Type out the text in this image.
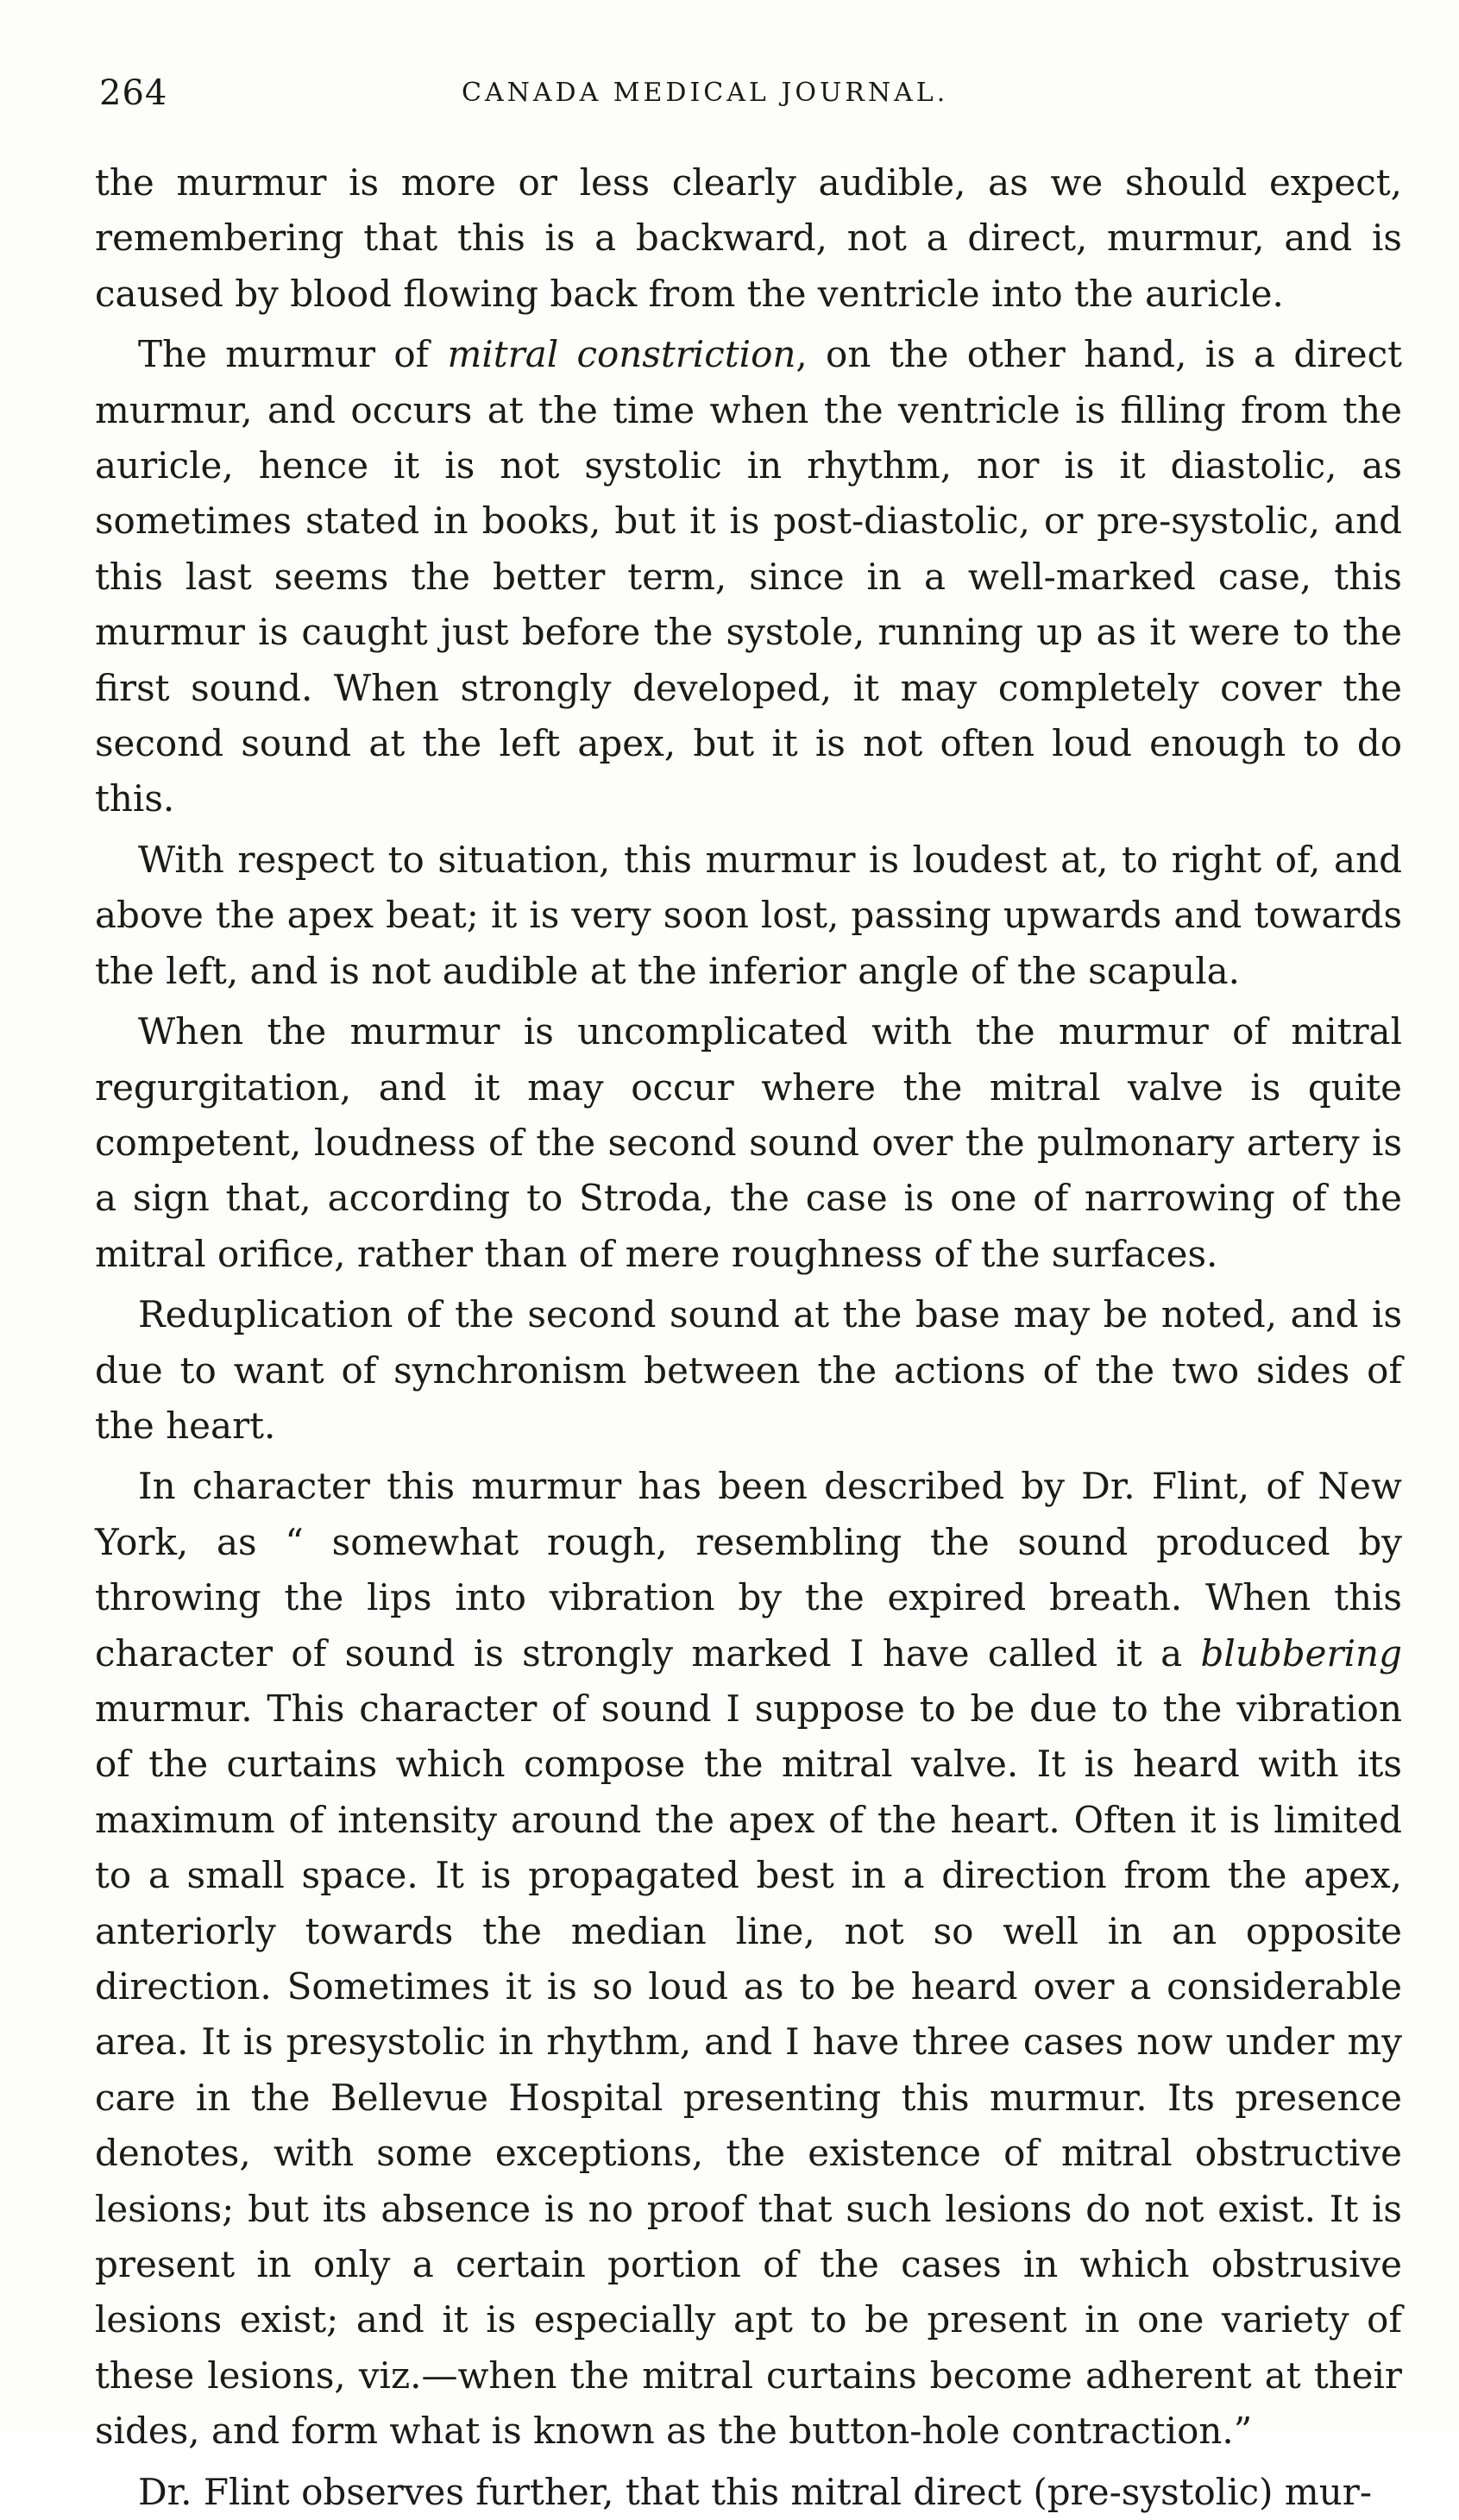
264	CANADA MEDICAL JOURNAL.

the murmur is more or less clearly audible, as we should expect, remembering that this is a backward, not a direct, murmur, and is caused by blood flowing back from the ventricle into the auricle.

The murmur of mitral constriction, on the other hand, is a direct murmur, and occurs at the time when the ventricle is filling from the auricle, hence it is not systolic in rhythm, nor is it diastolic, as sometimes stated in books, but it is post-diastolic, or pre-systolic, and this last seems the better term, since in a well-marked case, this murmur is caught just before the systole, running up as it were to the first sound. When strongly developed, it may completely cover the second sound at the left apex, but it is not often loud enough to do this.

With respect to situation, this murmur is loudest at, to right of, and above the apex beat; it is very soon lost, passing upwards and towards the left, and is not audible at the inferior angle of the scapula.

When the murmur is uncomplicated with the murmur of mitral regurgitation, and it may occur where the mitral valve is quite competent, loudness of the second sound over the pulmonary artery is a sign that, according to Stroda, the case is one of narrowing of the mitral orifice, rather than of mere roughness of the surfaces.

Reduplication of the second sound at the base may be noted, and is due to want of synchronism between the actions of the two sides of the heart.

In character this murmur has been described by Dr. Flint, of New York, as “ somewhat rough, resembling the sound produced by throwing the lips into vibration by the expired breath. When this character of sound is strongly marked I have called it a blubbering murmur. This character of sound I suppose to be due to the vibration of the curtains which compose the mitral valve. It is heard with its maximum of intensity around the apex of the heart. Often it is limited to a small space. It is propagated best in a direction from the apex, anteriorly towards the median line, not so well in an opposite direction. Sometimes it is so loud as to be heard over a considerable area. It is presystolic in rhythm, and I have three cases now under my care in the Bellevue Hospital presenting this murmur. Its presence denotes, with some exceptions, the existence of mitral obstructive lesions; but its absence is no proof that such lesions do not exist. It is present in only a certain portion of the cases in which obstrusive lesions exist; and it is especially apt to be present in one variety of these lesions, viz.—when the mitral curtains become adherent at their sides, and form what is known as the button-hole contraction.”

Dr. Flint observes further, that this mitral direct (pre-systolic) mur-
